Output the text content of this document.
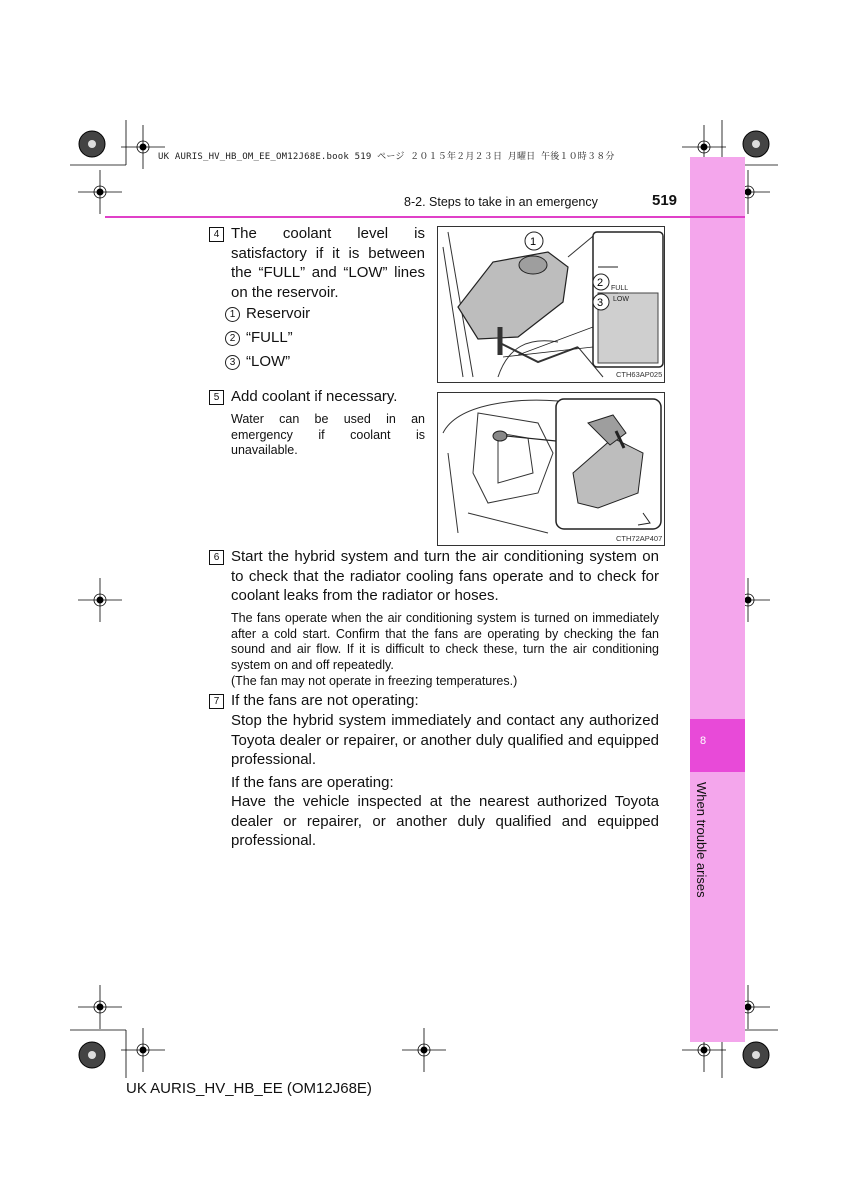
UK AURIS_HV_HB_OM_EE_OM12J68E.book 519 ページ ２０１５年２月２３日 月曜日 午後１０時３８分
8
When trouble arises
8-2. Steps to take in an emergency	519
4 The coolant level is satisfactory if it is between the “FULL” and “LOW” lines on the reservoir.
1 Reservoir
2 “FULL”
3 “LOW”
FULL
LOW
1
2
3
CTH63AP025
5 Add coolant if necessary.
Water can be used in an emergency if coolant is unavailable.
CTH72AP407
6 Start the hybrid system and turn the air conditioning system on to check that the radiator cooling fans operate and to check for coolant leaks from the radiator or hoses.
The fans operate when the air conditioning system is turned on immediately after a cold start. Confirm that the fans are operating by checking the fan sound and air flow. If it is difficult to check these, turn the air conditioning system on and off repeatedly.
(The fan may not operate in freezing temperatures.)
7 If the fans are not operating:
Stop the hybrid system immediately and contact any authorized Toyota dealer or repairer, or another duly qualified and equipped professional.
If the fans are operating:
Have the vehicle inspected at the nearest authorized Toyota dealer or repairer, or another duly qualified and equipped professional.
UK AURIS_HV_HB_EE (OM12J68E)
